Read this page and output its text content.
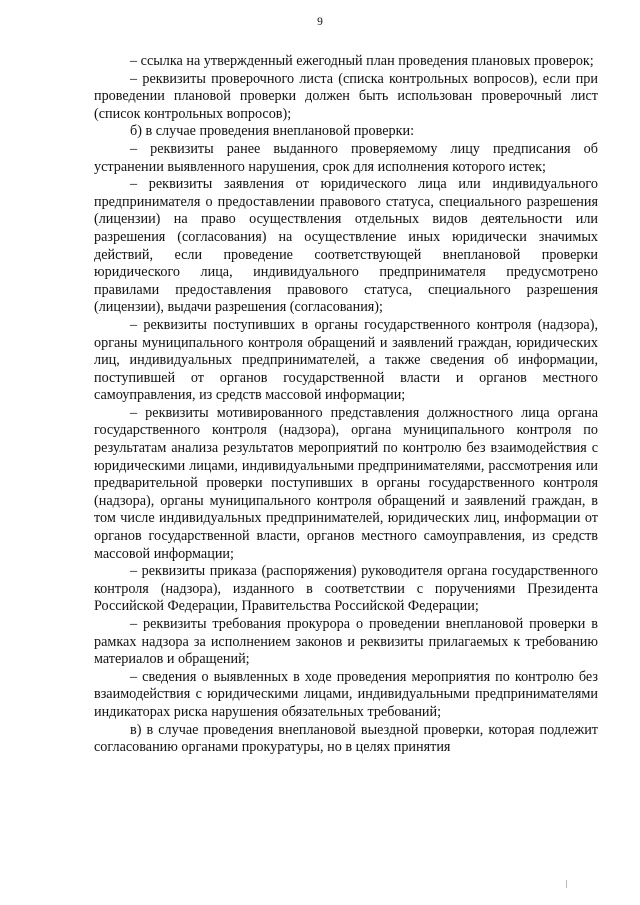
9

– ссылка на утвержденный ежегодный план проведения плановых проверок;

– реквизиты проверочного листа (списка контрольных вопросов), если при проведении плановой проверки должен быть использован проверочный лист (список контрольных вопросов);

б) в случае проведения внеплановой проверки:

– реквизиты ранее выданного проверяемому лицу предписания об устранении выявленного нарушения, срок для исполнения которого истек;

– реквизиты заявления от юридического лица или индивидуального предпринимателя о предоставлении правового статуса, специального разрешения (лицензии) на право осуществления отдельных видов деятельности или разрешения (согласования) на осуществление иных юридически значимых действий, если проведение соответствующей внеплановой проверки юридического лица, индивидуального предпринимателя предусмотрено правилами предоставления правового статуса, специального разрешения (лицензии), выдачи разрешения (согласования);

– реквизиты поступивших в органы государственного контроля (надзора), органы муниципального контроля обращений и заявлений граждан, юридических лиц, индивидуальных предпринимателей, а также сведения об информации, поступившей от органов государственной власти и органов местного самоуправления, из средств массовой информации;

– реквизиты мотивированного представления должностного лица органа государственного контроля (надзора), органа муниципального контроля по результатам анализа результатов мероприятий по контролю без взаимодействия с юридическими лицами, индивидуальными предпринимателями, рассмотрения или предварительной проверки поступивших в органы государственного контроля (надзора), органы муниципального контроля обращений и заявлений граждан, в том числе индивидуальных предпринимателей, юридических лиц, информации от органов государственной власти, органов местного самоуправления, из средств массовой информации;

– реквизиты приказа (распоряжения) руководителя органа государственного контроля (надзора), изданного в соответствии с поручениями Президента Российской Федерации, Правительства Российской Федерации;

– реквизиты требования прокурора о проведении внеплановой проверки в рамках надзора за исполнением законов и реквизиты прилагаемых к требованию материалов и обращений;

– сведения о выявленных в ходе проведения мероприятия по контролю без взаимодействия с юридическими лицами, индивидуальными предпринимателями индикаторах риска нарушения обязательных требований;

в) в случае проведения внеплановой выездной проверки, которая подлежит согласованию органами прокуратуры, но в целях принятия
